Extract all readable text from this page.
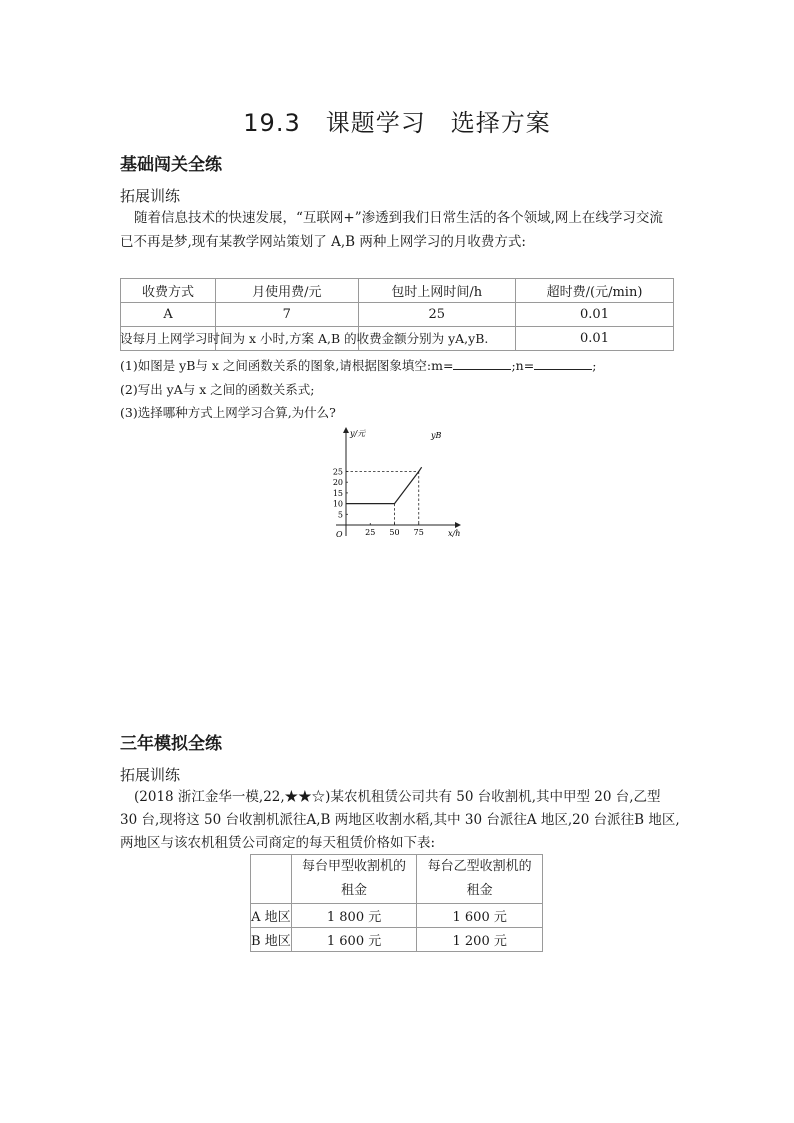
19.3　课题学习　选择方案
基础闯关全练
拓展训练
随着信息技术的快速发展，“互联网+”渗透到我们日常生活的各个领域,网上在线学习交流
已不再是梦,现有某教学网站策划了 A,B 两种上网学习的月收费方式:
收费方式	月使用费/元	包时上网时间/h	超时费/(元/min)
A	7	25	0.01
			0.01
设每月上网学习时间为 x 小时,方案 A,B 的收费金额分别为 yA,yB.
(1)如图是 yB与 x 之间函数关系的图象,请根据图象填空:m=	;n=	;
(2)写出 yA与 x 之间的函数关系式;
(3)选择哪种方式上网学习合算,为什么?
25 50 75
5
10
15
20
25
y/元
x/h
O
yB
三年模拟全练
拓展训练
(2018 浙江金华一模,22,★★☆)某农机租赁公司共有 50 台收割机,其中甲型 20 台,乙型
30 台,现将这 50 台收割机派往A,B 两地区收割水稻,其中 30 台派往A 地区,20 台派往B 地区,
两地区与该农机租赁公司商定的每天租赁价格如下表:
	每台甲型收割机的租金	每台乙型收割机的租金
A 地区	1 800 元	1 600 元
B 地区	1 600 元	1 200 元
